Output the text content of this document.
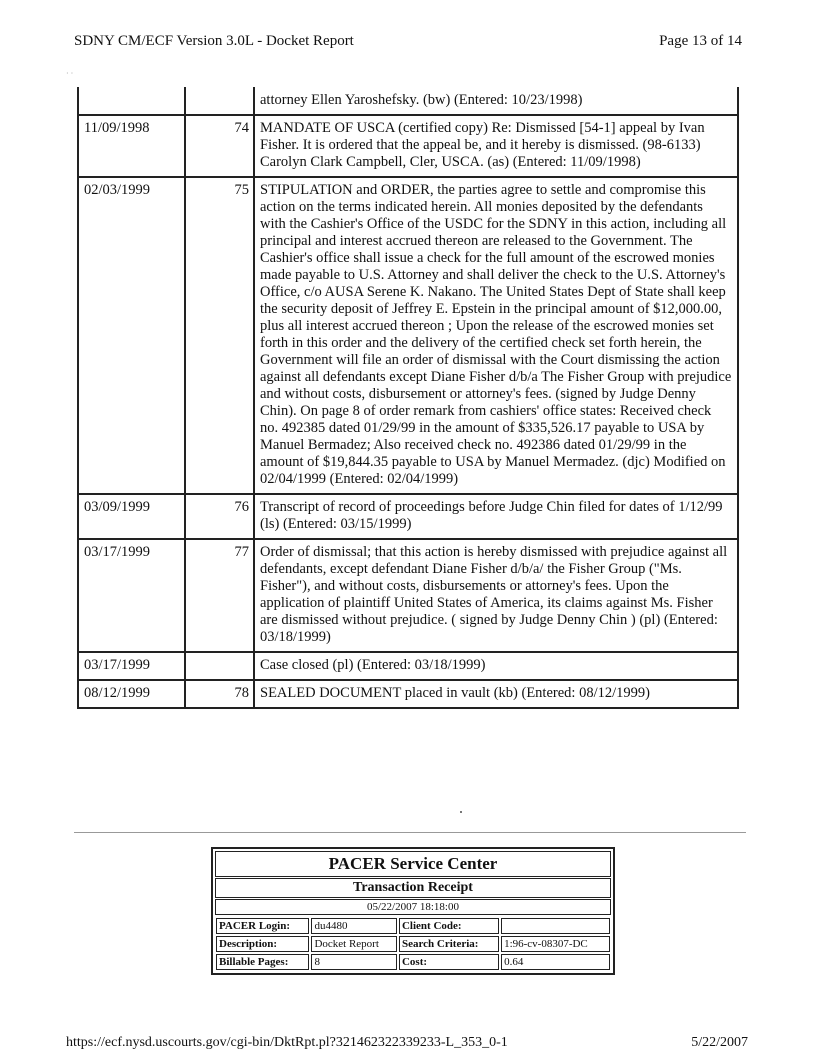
SDNY CM/ECF Version 3.0L - Docket Report	Page 13 of 14
· ·
		attorney Ellen Yaroshefsky. (bw) (Entered: 10/23/1998)
11/09/1998	74	MANDATE OF USCA (certified copy) Re: Dismissed [54-1] appeal by Ivan Fisher. It is ordered that the appeal be, and it hereby is dismissed. (98-6133) Carolyn Clark Campbell, Cler, USCA. (as) (Entered: 11/09/1998)
02/03/1999	75	STIPULATION and ORDER, the parties agree to settle and compromise this action on the terms indicated herein. All monies deposited by the defendants with the Cashier's Office of the USDC for the SDNY in this action, including all principal and interest accrued thereon are released to the Government. The Cashier's office shall issue a check for the full amount of the escrowed monies made payable to U.S. Attorney and shall deliver the check to the U.S. Attorney's Office, c/o AUSA Serene K. Nakano. The United States Dept of State shall keep the security deposit of Jeffrey E. Epstein in the principal amount of $12,000.00, plus all interest accrued thereon ; Upon the release of the escrowed monies set forth in this order and the delivery of the certified check set forth herein, the Government will file an order of dismissal with the Court dismissing the action against all defendants except Diane Fisher d/b/a The Fisher Group with prejudice and without costs, disbursement or attorney's fees. (signed by Judge Denny Chin). On page 8 of order remark from cashiers' office states: Received check no. 492385 dated 01/29/99 in the amount of $335,526.17 payable to USA by Manuel Bermadez; Also received check no. 492386 dated 01/29/99 in the amount of $19,844.35 payable to USA by Manuel Mermadez. (djc) Modified on 02/04/1999 (Entered: 02/04/1999)
03/09/1999	76	Transcript of record of proceedings before Judge Chin filed for dates of 1/12/99 (ls) (Entered: 03/15/1999)
03/17/1999	77	Order of dismissal; that this action is hereby dismissed with prejudice against all defendants, except defendant Diane Fisher d/b/a/ the Fisher Group ("Ms. Fisher"), and without costs, disbursements or attorney's fees. Upon the application of plaintiff United States of America, its claims against Ms. Fisher are dismissed without prejudice. ( signed by Judge Denny Chin ) (pl) (Entered: 03/18/1999)
03/17/1999		Case closed (pl) (Entered: 03/18/1999)
08/12/1999	78	SEALED DOCUMENT placed in vault (kb) (Entered: 08/12/1999)
PACER Service Center
Transaction Receipt
05/22/2007 18:18:00
PACER Login:	du4480	Client Code:	
Description:	Docket Report	Search Criteria:	1:96-cv-08307-DC
Billable Pages:	8	Cost:	0.64
https://ecf.nysd.uscourts.gov/cgi-bin/DktRpt.pl?321462322339233-L_353_0-1	5/22/2007
